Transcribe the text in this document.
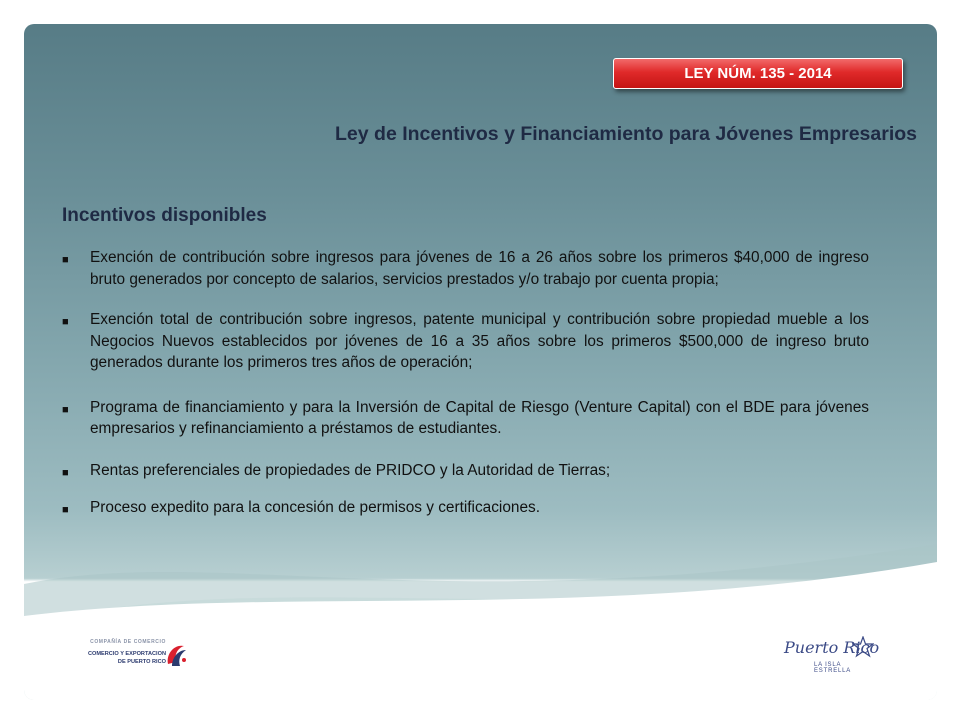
LEY NÚM. 135 - 2014
Ley de Incentivos y Financiamiento para Jóvenes Empresarios
Incentivos disponibles
■ Exención de contribución sobre ingresos para jóvenes de 16 a 26 años sobre los primeros $40,000 de ingreso bruto generados por concepto de salarios, servicios prestados y/o trabajo por cuenta propia;
■ Exención total de contribución sobre ingresos, patente municipal y contribución sobre propiedad mueble a los Negocios Nuevos establecidos por jóvenes de 16 a 35 años sobre los primeros $500,000 de ingreso bruto generados durante los primeros tres años de operación;
■ Programa de financiamiento y para la Inversión de Capital de Riesgo (Venture Capital) con el BDE para jóvenes empresarios y refinanciamiento a préstamos de estudiantes.
■ Rentas preferenciales de propiedades de PRIDCO y la Autoridad de Tierras;
■ Proceso expedito para la concesión de permisos y certificaciones.
COMPAÑÍA DE COMERCIO
COMERCIO Y EXPORTACION
DE PUERTO RICO
Puerto Rico
LA ISLA ESTRELLA
